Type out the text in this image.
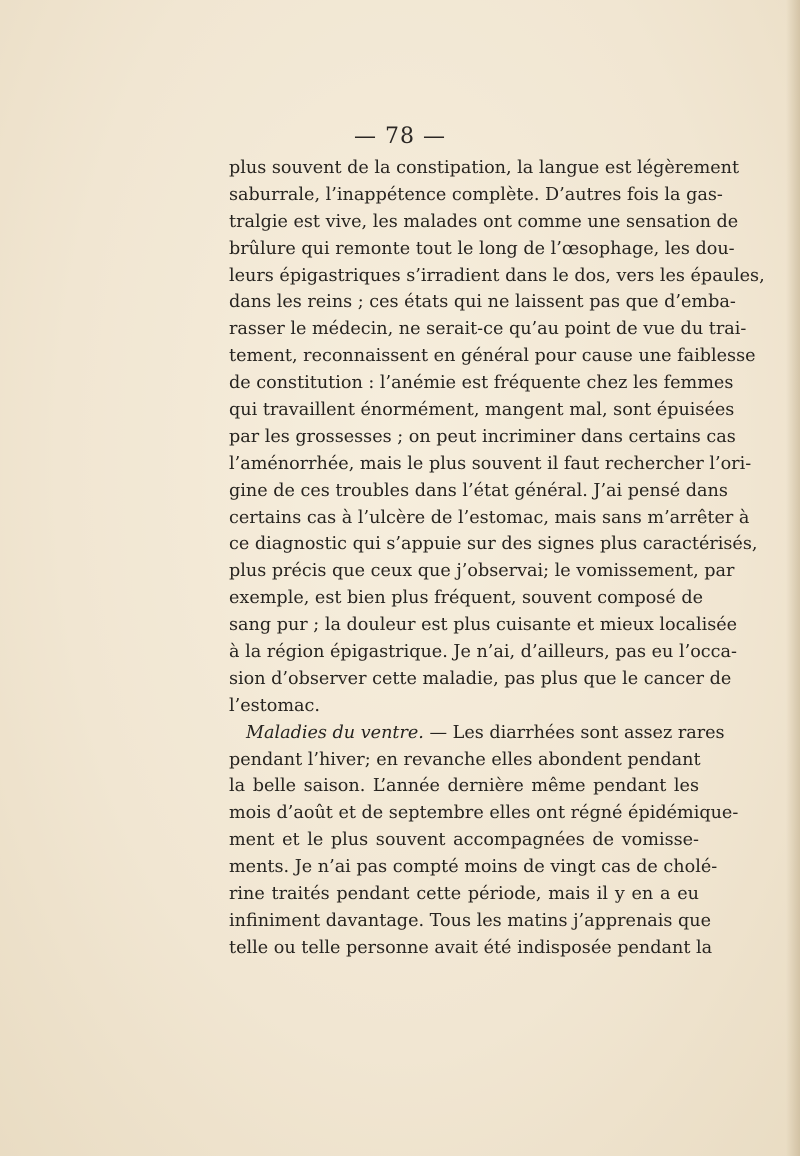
— 78 —
plus souvent de la constipation, la langue est légèrement
saburrale, l’inappétence complète. D’autres fois la gas-
tralgie est vive, les malades ont comme une sensation de
brûlure qui remonte tout le long de l’œsophage, les dou-
leurs épigastriques s’irradient dans le dos, vers les épaules,
dans les reins ; ces états qui ne laissent pas que d’emba-
rasser le médecin, ne serait-ce qu’au point de vue du trai-
tement, reconnaissent en général pour cause une faiblesse
de constitution : l’anémie est fréquente chez les femmes
qui travaillent énormément, mangent mal, sont épuisées
par les grossesses ; on peut incriminer dans certains cas
l’aménorrhée, mais le plus souvent il faut rechercher l’ori-
gine de ces troubles dans l’état général. J’ai pensé dans
certains cas à l’ulcère de l’estomac, mais sans m’arrêter à
ce diagnostic qui s’appuie sur des signes plus caractérisés,
plus précis que ceux que j’observai; le vomissement, par
exemple, est bien plus fréquent, souvent composé de
sang pur ; la douleur est plus cuisante et mieux localisée
à la région épigastrique. Je n’ai, d’ailleurs, pas eu l’occa-
sion d’observer cette maladie, pas plus que le cancer de
l’estomac.
Maladies du ventre. — Les diarrhées sont assez rares
pendant l’hiver; en revanche elles abondent pendant
la belle saison. L’année dernière même pendant les
mois d’août et de septembre elles ont régné épidémique-
ment et le plus souvent accompagnées de vomisse-
ments. Je n’ai pas compté moins de vingt cas de cholé-
rine traités pendant cette période, mais il y en a eu
infiniment davantage. Tous les matins j’apprenais que
telle ou telle personne avait été indisposée pendant la
